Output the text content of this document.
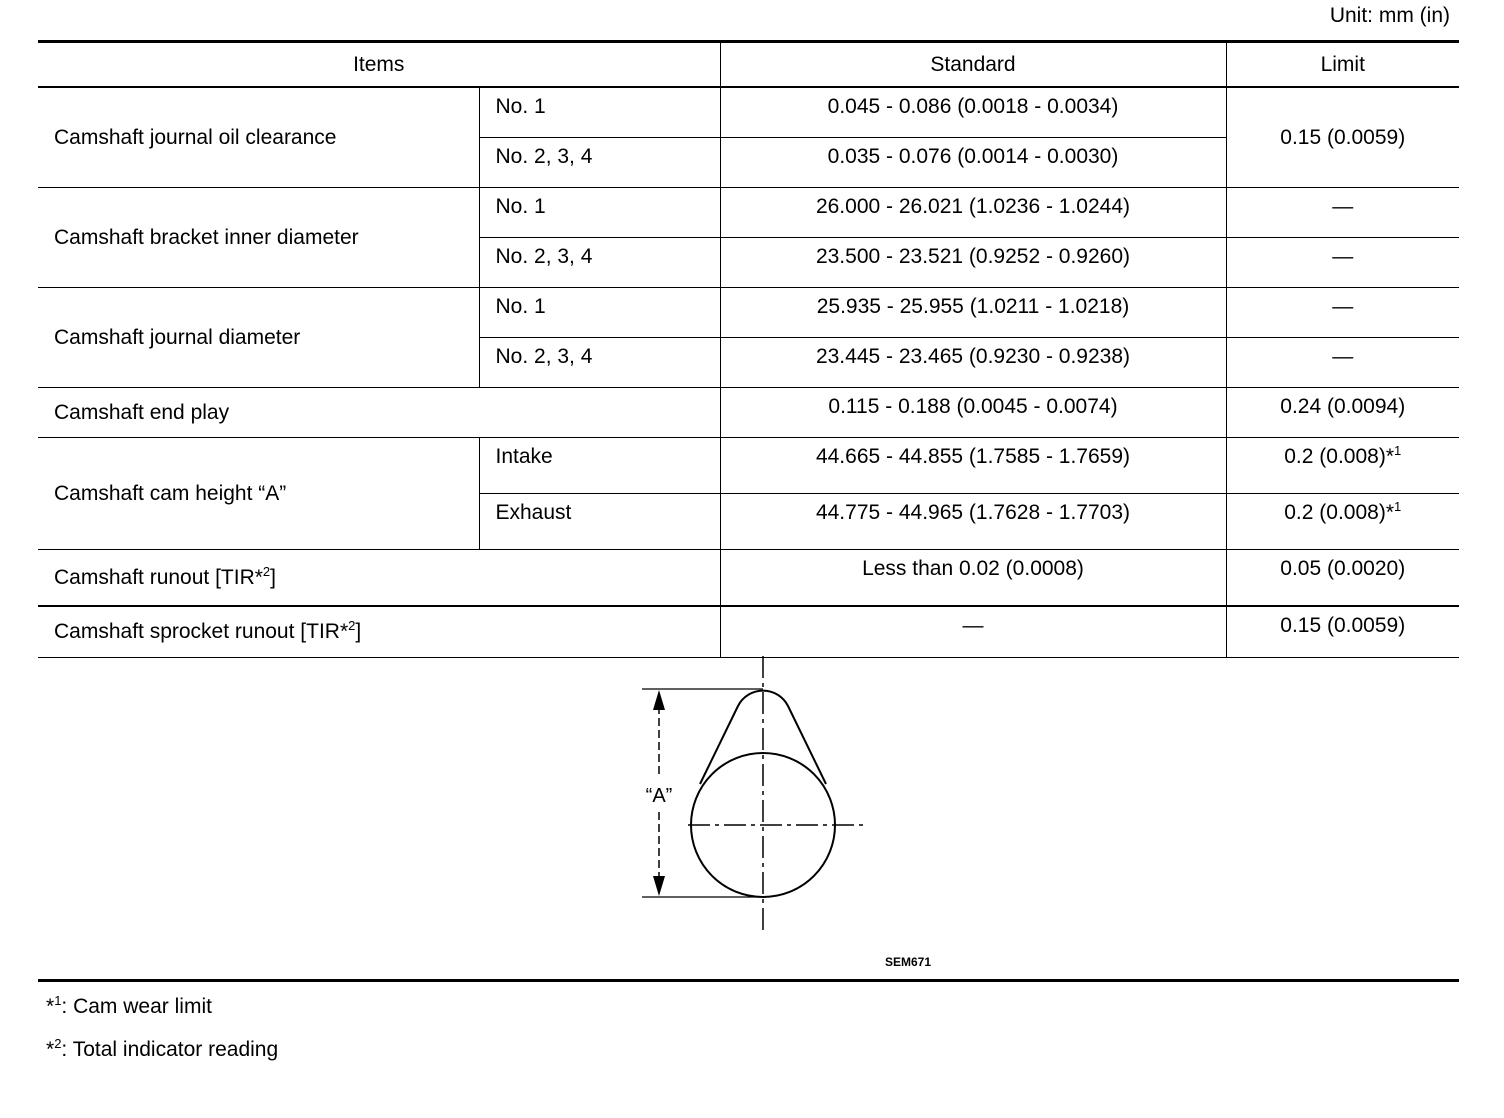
Unit: mm (in)
Items		Standard	Limit
Camshaft journal oil clearance	No. 1	0.045 - 0.086 (0.0018 - 0.0034)	0.15 (0.0059)
	No. 2, 3, 4	0.035 - 0.076 (0.0014 - 0.0030)	
Camshaft bracket inner diameter	No. 1	26.000 - 26.021 (1.0236 - 1.0244)	—
	No. 2, 3, 4	23.500 - 23.521 (0.9252 - 0.9260)	—
Camshaft journal diameter	No. 1	25.935 - 25.955 (1.0211 - 1.0218)	—
	No. 2, 3, 4	23.445 - 23.465 (0.9230 - 0.9238)	—
Camshaft end play		0.115 - 0.188 (0.0045 - 0.0074)	0.24 (0.0094)
Camshaft cam height “A”	Intake	44.665 - 44.855 (1.7585 - 1.7659)	0.2 (0.008)*$^1$
	Exhaust	44.775 - 44.965 (1.7628 - 1.7703)	0.2 (0.008)*$^1$
Camshaft runout [TIR*$^2$]		Less than 0.02 (0.0008)	0.05 (0.0020)
Camshaft sprocket runout [TIR*$^2$]		—	0.15 (0.0059)
“A”
SEM671
*$^1$: Cam wear limit
*$^2$: Total indicator reading
